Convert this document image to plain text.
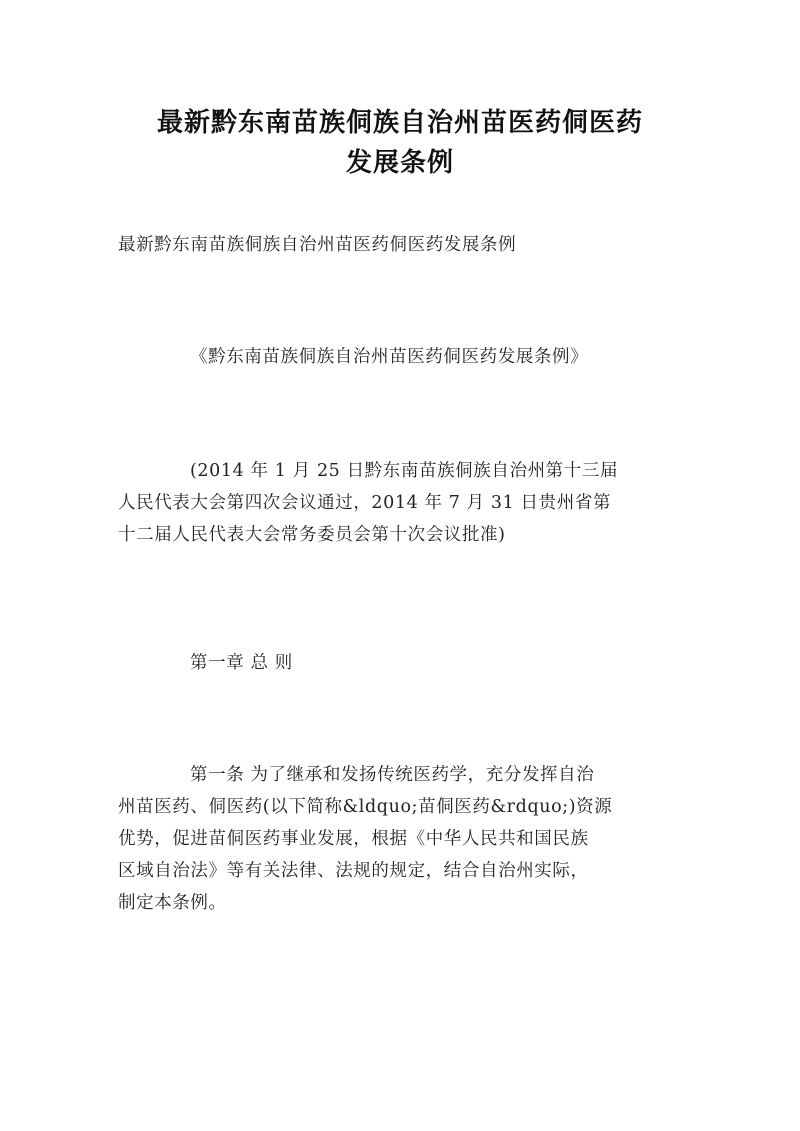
最新黔东南苗族侗族自治州苗医药侗医药
发展条例
最新黔东南苗族侗族自治州苗医药侗医药发展条例
《黔东南苗族侗族自治州苗医药侗医药发展条例》
(2014 年 1 月 25 日黔东南苗族侗族自治州第十三届
人民代表大会第四次会议通过，2014 年 7 月 31 日贵州省第
十二届人民代表大会常务委员会第十次会议批准)
第一章 总 则
第一条 为了继承和发扬传统医药学，充分发挥自治
州苗医药、侗医药(以下简称&ldquo;苗侗医药&rdquo;)资源
优势，促进苗侗医药事业发展，根据《中华人民共和国民族
区域自治法》等有关法律、法规的规定，结合自治州实际，
制定本条例。
